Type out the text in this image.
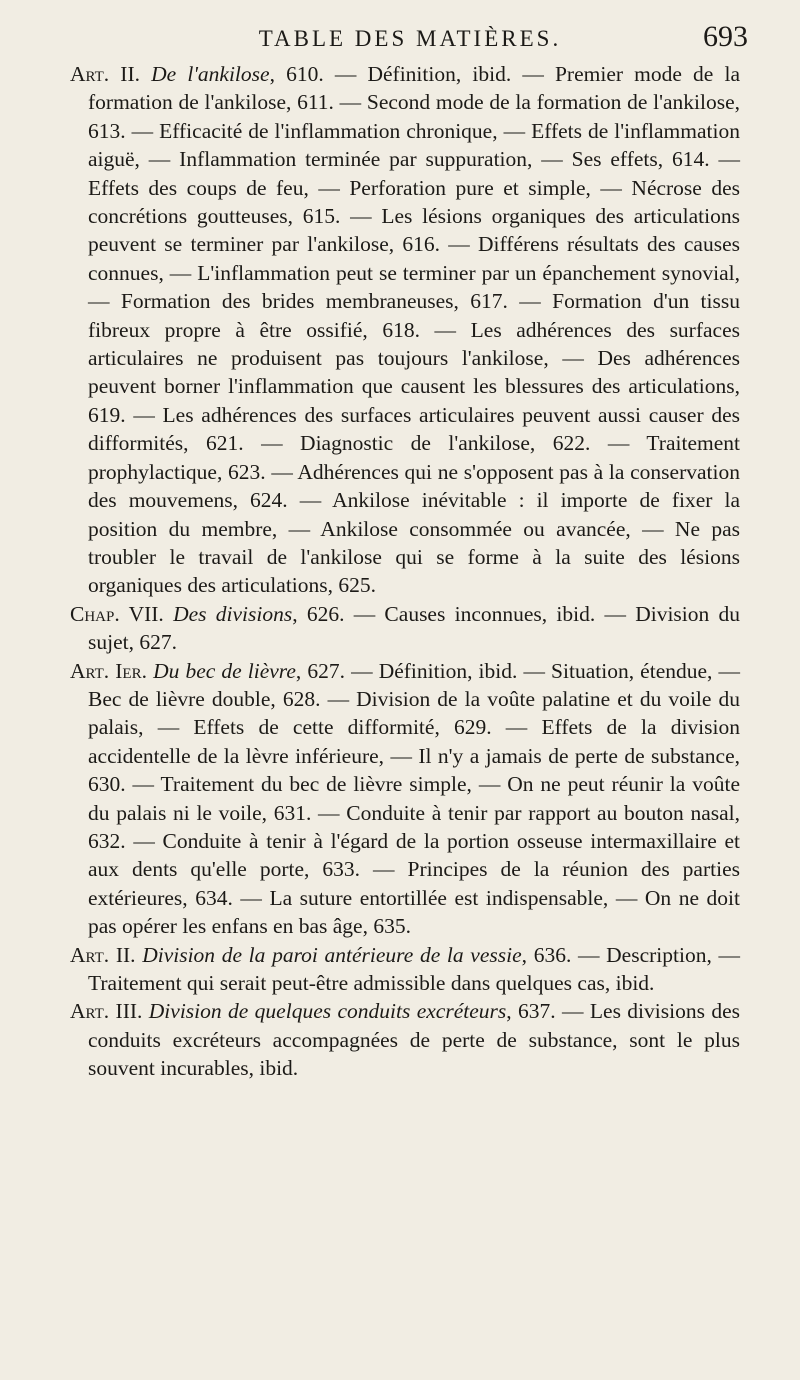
TABLE DES MATIÈRES.	693

Art. II. De l'ankilose, 610. — Définition, ibid. — Premier mode de la formation de l'ankilose, 611. — Second mode de la formation de l'ankilose, 613. — Efficacité de l'inflammation chronique, — Effets de l'inflammation aiguë, — Inflammation terminée par suppuration, — Ses effets, 614. — Effets des coups de feu, — Perforation pure et simple, — Nécrose des concrétions goutteuses, 615. — Les lésions organiques des articulations peuvent se terminer par l'ankilose, 616. — Différens résultats des causes connues, — L'inflammation peut se terminer par un épanchement synovial, — Formation des brides membraneuses, 617. — Formation d'un tissu fibreux propre à être ossifié, 618. — Les adhérences des surfaces articulaires ne produisent pas toujours l'ankilose, — Des adhérences peuvent borner l'inflammation que causent les blessures des articulations, 619. — Les adhérences des surfaces articulaires peuvent aussi causer des difformités, 621. — Diagnostic de l'ankilose, 622. — Traitement prophylactique, 623. — Adhérences qui ne s'opposent pas à la conservation des mouvemens, 624. — Ankilose inévitable : il importe de fixer la position du membre, — Ankilose consommée ou avancée, — Ne pas troubler le travail de l'ankilose qui se forme à la suite des lésions organiques des articulations, 625.

Chap. VII. Des divisions, 626. — Causes inconnues, ibid. — Division du sujet, 627.

Art. Ier. Du bec de lièvre, 627. — Définition, ibid. — Situation, étendue, — Bec de lièvre double, 628. — Division de la voûte palatine et du voile du palais, — Effets de cette difformité, 629. — Effets de la division accidentelle de la lèvre inférieure, — Il n'y a jamais de perte de substance, 630. — Traitement du bec de lièvre simple, — On ne peut réunir la voûte du palais ni le voile, 631. — Conduite à tenir par rapport au bouton nasal, 632. — Conduite à tenir à l'égard de la portion osseuse intermaxillaire et aux dents qu'elle porte, 633. — Principes de la réunion des parties extérieures, 634. — La suture entortillée est indispensable, — On ne doit pas opérer les enfans en bas âge, 635.

Art. II. Division de la paroi antérieure de la vessie, 636. — Description, — Traitement qui serait peut-être admissible dans quelques cas, ibid.

Art. III. Division de quelques conduits excréteurs, 637. — Les divisions des conduits excréteurs accompagnées de perte de substance, sont le plus souvent incurables, ibid.
